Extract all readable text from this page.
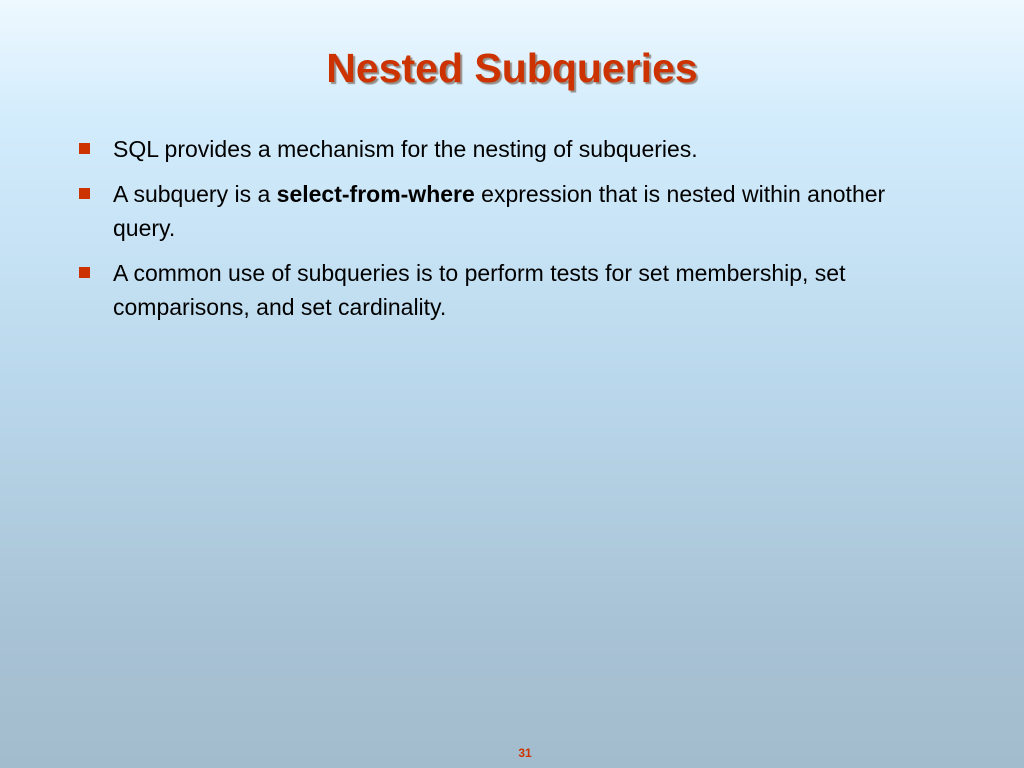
Nested Subqueries
SQL provides a mechanism for the nesting of subqueries.
A subquery is a select-from-where expression that is nested within another query.
A common use of subqueries is to perform tests for set membership, set comparisons, and set cardinality.
31
